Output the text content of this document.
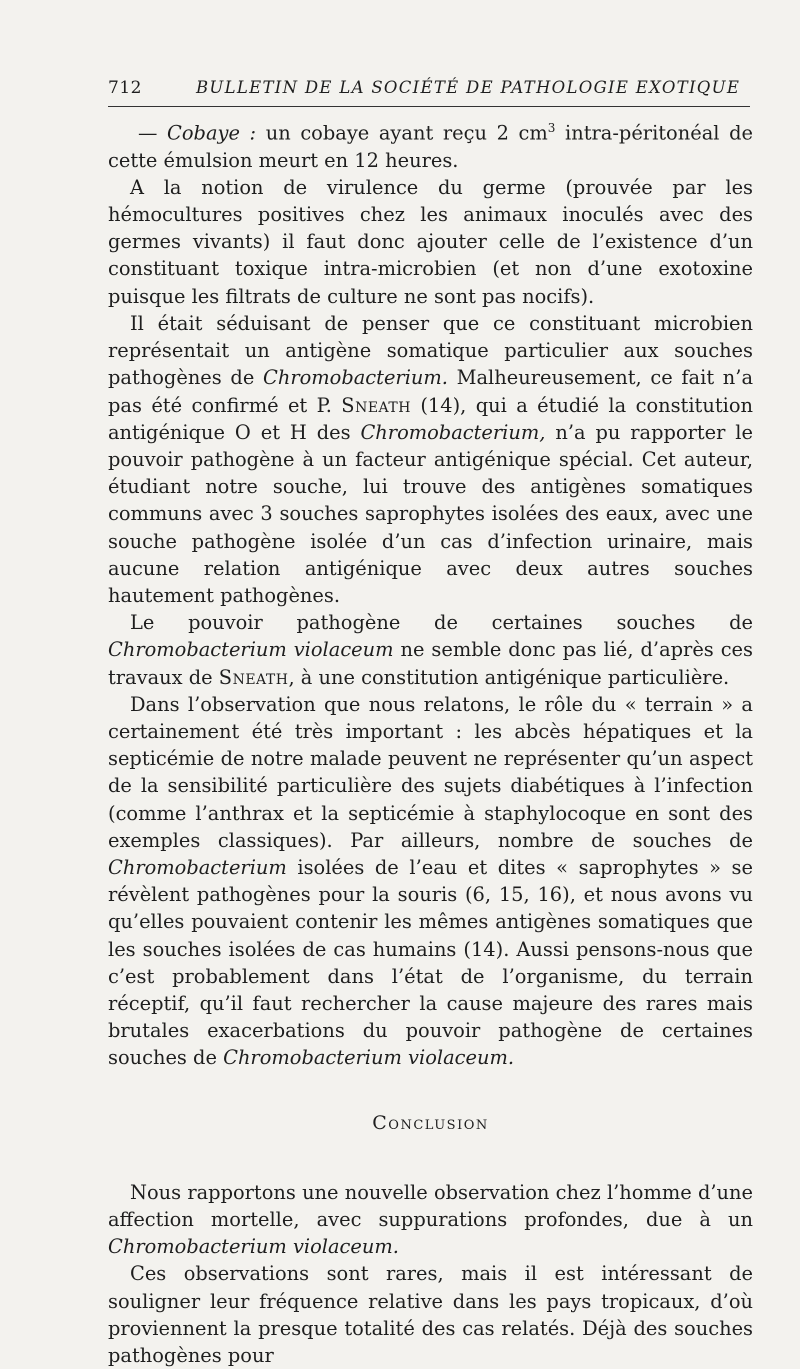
712	BULLETIN DE LA SOCIÉTÉ DE PATHOLOGIE EXOTIQUE

— Cobaye : un cobaye ayant reçu 2 $cm^3$ intra-péritonéal de cette émulsion meurt en 12 heures.

A la notion de virulence du germe (prouvée par les hémocultures positives chez les animaux inoculés avec des germes vivants) il faut donc ajouter celle de l’existence d’un constituant toxique intra-microbien (et non d’une exotoxine puisque les filtrats de culture ne sont pas nocifs).

Il était séduisant de penser que ce constituant microbien représentait un antigène somatique particulier aux souches pathogènes de Chromobacterium. Malheureusement, ce fait n’a pas été confirmé et P. Sneath (14), qui a étudié la constitution antigénique O et H des Chromobacterium, n’a pu rapporter le pouvoir pathogène à un facteur antigénique spécial. Cet auteur, étudiant notre souche, lui trouve des antigènes somatiques communs avec 3 souches saprophytes isolées des eaux, avec une souche pathogène isolée d’un cas d’infection urinaire, mais aucune relation antigénique avec deux autres souches hautement pathogènes.

Le pouvoir pathogène de certaines souches de Chromobacterium violaceum ne semble donc pas lié, d’après ces travaux de Sneath, à une constitution antigénique particulière.

Dans l’observation que nous relatons, le rôle du « terrain » a certainement été très important : les abcès hépatiques et la septicémie de notre malade peuvent ne représenter qu’un aspect de la sensibilité particulière des sujets diabétiques à l’infection (comme l’anthrax et la septicémie à staphylocoque en sont des exemples classiques). Par ailleurs, nombre de souches de Chromobacterium isolées de l’eau et dites « saprophytes » se révèlent pathogènes pour la souris (6, 15, 16), et nous avons vu qu’elles pouvaient contenir les mêmes antigènes somatiques que les souches isolées de cas humains (14). Aussi pensons-nous que c’est probablement dans l’état de l’organisme, du terrain réceptif, qu’il faut rechercher la cause majeure des rares mais brutales exacerbations du pouvoir pathogène de certaines souches de Chromobacterium violaceum.

Conclusion

Nous rapportons une nouvelle observation chez l’homme d’une affection mortelle, avec suppurations profondes, due à un Chromobacterium violaceum.

Ces observations sont rares, mais il est intéressant de souligner leur fréquence relative dans les pays tropicaux, d’où proviennent la presque totalité des cas relatés. Déjà des souches pathogènes pour
